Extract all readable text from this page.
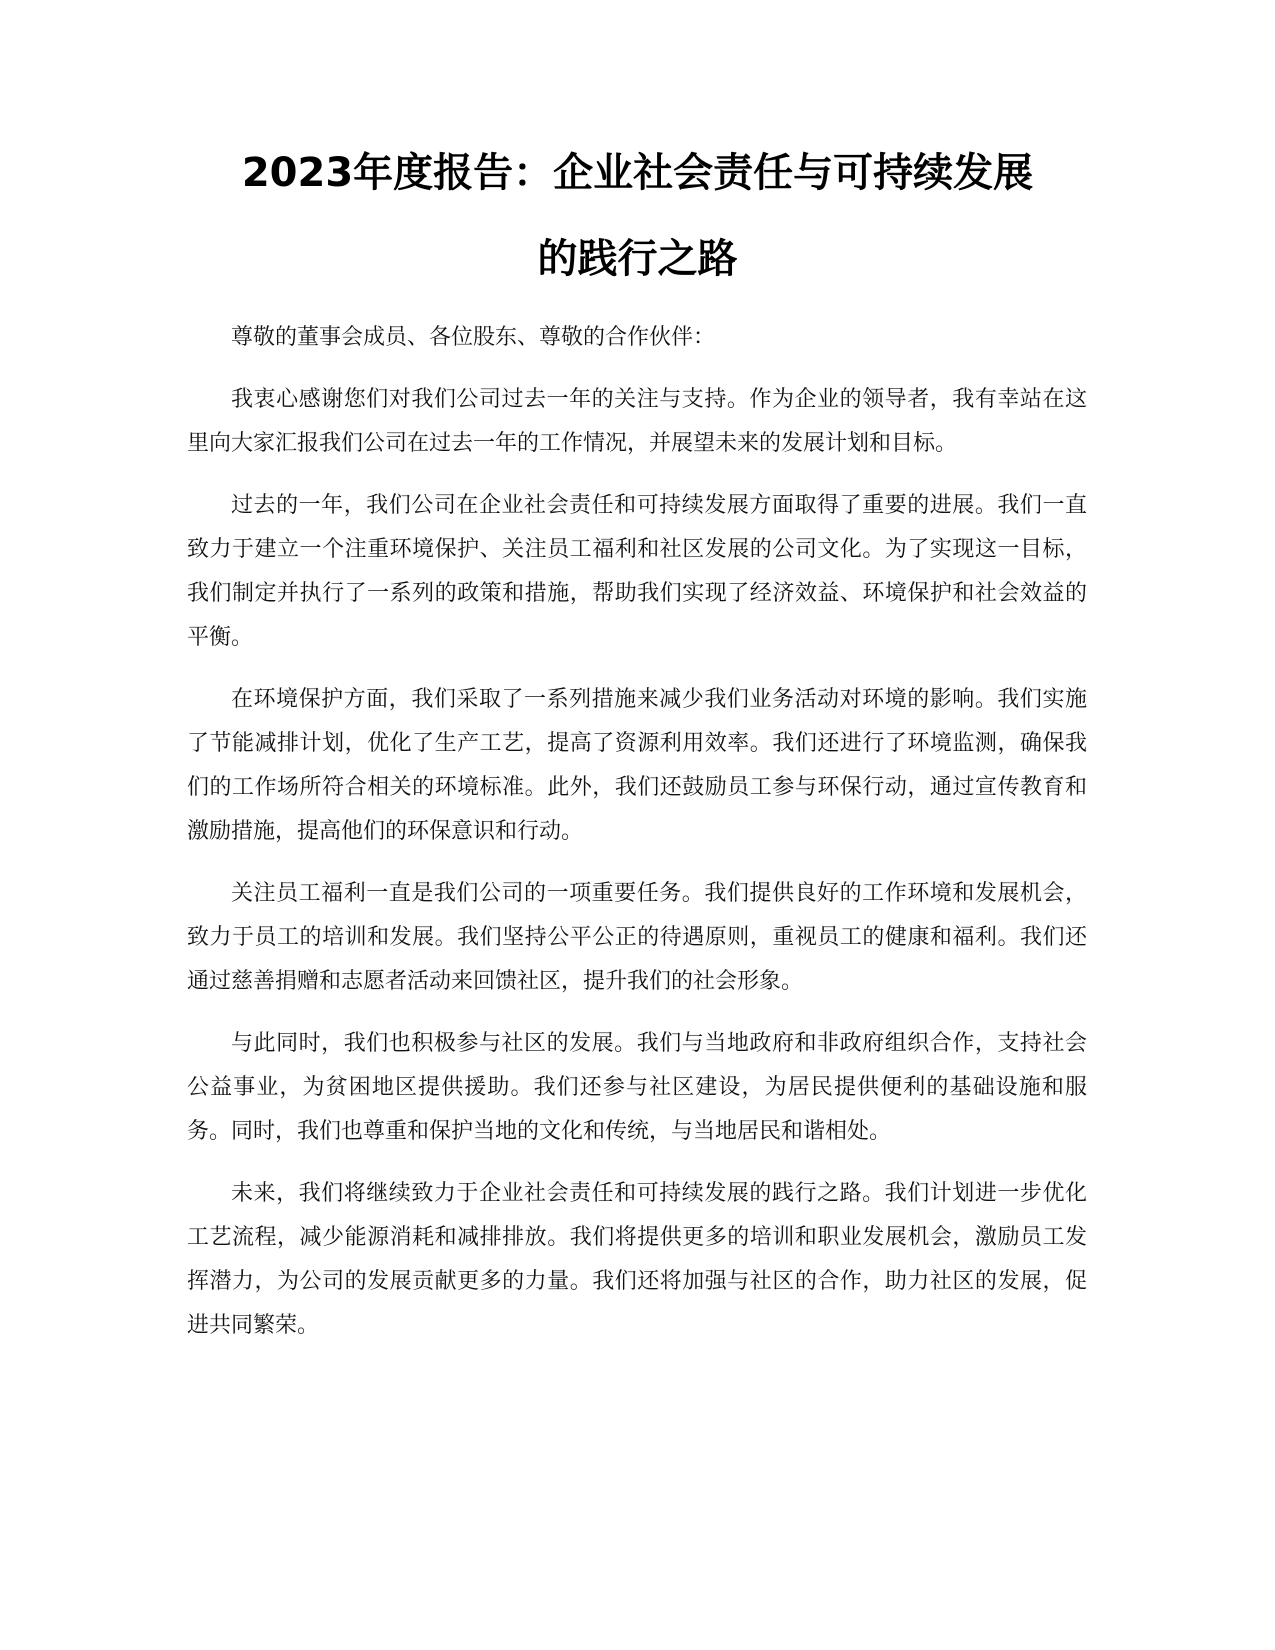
2023年度报告：企业社会责任与可持续发展
的践行之路

尊敬的董事会成员、各位股东、尊敬的合作伙伴：

我衷心感谢您们对我们公司过去一年的关注与支持。作为企业的领导者，我有幸站在这里向大家汇报我们公司在过去一年的工作情况，并展望未来的发展计划和目标。

过去的一年，我们公司在企业社会责任和可持续发展方面取得了重要的进展。我们一直致力于建立一个注重环境保护、关注员工福利和社区发展的公司文化。为了实现这一目标，我们制定并执行了一系列的政策和措施，帮助我们实现了经济效益、环境保护和社会效益的平衡。

在环境保护方面，我们采取了一系列措施来减少我们业务活动对环境的影响。我们实施了节能减排计划，优化了生产工艺，提高了资源利用效率。我们还进行了环境监测，确保我们的工作场所符合相关的环境标准。此外，我们还鼓励员工参与环保行动，通过宣传教育和激励措施，提高他们的环保意识和行动。

关注员工福利一直是我们公司的一项重要任务。我们提供良好的工作环境和发展机会，致力于员工的培训和发展。我们坚持公平公正的待遇原则，重视员工的健康和福利。我们还通过慈善捐赠和志愿者活动来回馈社区，提升我们的社会形象。

与此同时，我们也积极参与社区的发展。我们与当地政府和非政府组织合作，支持社会公益事业，为贫困地区提供援助。我们还参与社区建设，为居民提供便利的基础设施和服务。同时，我们也尊重和保护当地的文化和传统，与当地居民和谐相处。

未来，我们将继续致力于企业社会责任和可持续发展的践行之路。我们计划进一步优化工艺流程，减少能源消耗和减排排放。我们将提供更多的培训和职业发展机会，激励员工发挥潜力，为公司的发展贡献更多的力量。我们还将加强与社区的合作，助力社区的发展，促进共同繁荣。
